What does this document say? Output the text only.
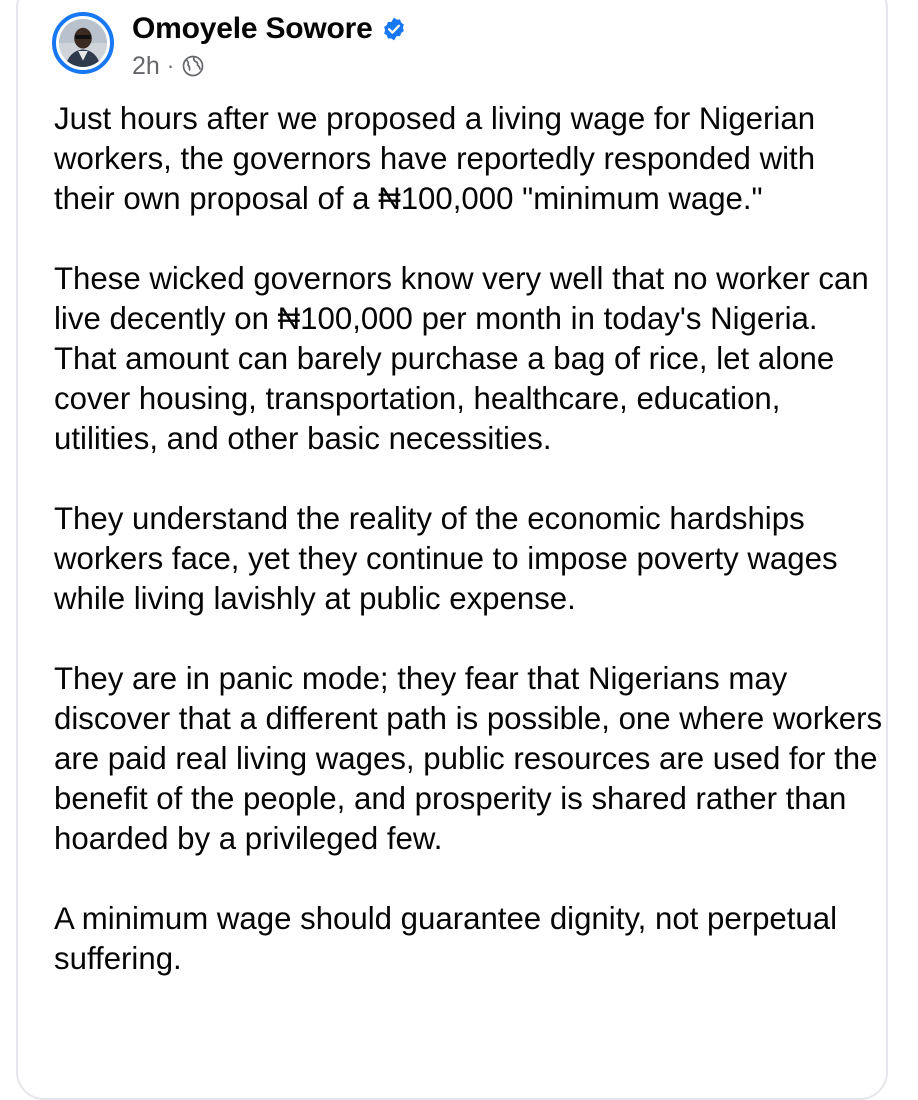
Omoyele Sowore
2h ·

Just hours after we proposed a living wage for Nigerian workers, the governors have reportedly responded with their own proposal of a ₦100,000 "minimum wage."

These wicked governors know very well that no worker can live decently on ₦100,000 per month in today's Nigeria. That amount can barely purchase a bag of rice, let alone cover housing, transportation, healthcare, education, utilities, and other basic necessities.

They understand the reality of the economic hardships workers face, yet they continue to impose poverty wages while living lavishly at public expense.

They are in panic mode; they fear that Nigerians may discover that a different path is possible, one where workers are paid real living wages, public resources are used for the benefit of the people, and prosperity is shared rather than hoarded by a privileged few.

A minimum wage should guarantee dignity, not perpetual suffering.
